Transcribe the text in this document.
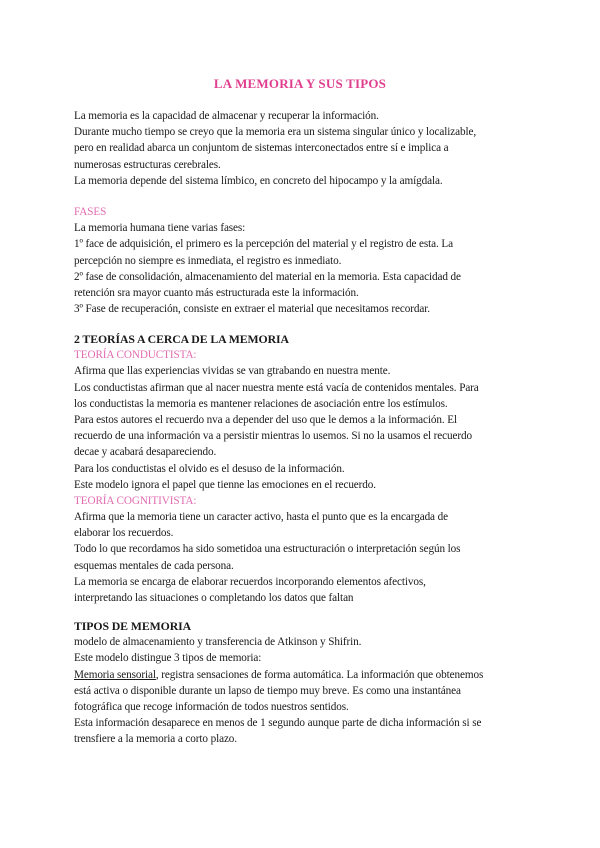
LA MEMORIA Y SUS TIPOS
La memoria es la capacidad de almacenar y recuperar la información.
Durante mucho tiempo se creyo que la memoria era un sistema singular único y localizable,
pero en realidad abarca un conjuntom de sistemas interconectados entre sí e implica a
numerosas estructuras cerebrales.
La memoria depende del sistema límbico, en concreto del hipocampo y la amígdala.
FASES
La memoria humana tiene varias fases:
1º face de adquisición, el primero es la percepción del material y el registro de esta. La
percepción no siempre es inmediata, el registro es inmediato.
2º fase de consolidación, almacenamiento del material en la memoria. Esta capacidad de
retención sra mayor cuanto más estructurada este la información.
3º Fase de recuperación, consiste en extraer el material que necesitamos recordar.
2 TEORÍAS A CERCA DE LA MEMORIA
TEORÍA CONDUCTISTA:
Afirma que llas experiencias vividas se van gtrabando en nuestra mente.
Los conductistas afirman que al nacer nuestra mente está vacía de contenidos mentales. Para
los conductistas la memoria es mantener relaciones de asociación entre los estímulos.
Para estos autores el recuerdo nva a depender del uso que le demos a la información. El
recuerdo de una información va a persistir mientras lo usemos. Si no la usamos el recuerdo
decae y acabará desapareciendo.
Para los conductistas el olvido es el desuso de la información.
Este modelo ignora el papel que tienne las emociones en el recuerdo.
TEORÍA COGNITIVISTA:
Afirma que la memoria tiene un caracter activo, hasta el punto que es la encargada de
elaborar los recuerdos.
Todo lo que recordamos ha sido sometidoa una estructuración o interpretación según los
esquemas mentales de cada persona.
La memoria se encarga de elaborar recuerdos incorporando elementos afectivos,
interpretando las situaciones o completando los datos que faltan
TIPOS DE MEMORIA
modelo de almacenamiento y transferencia de Atkinson y Shifrin.
Este modelo distingue 3 tipos de memoria:
Memoria sensorial, registra sensaciones de forma automática. La información que obtenemos
está activa o disponible durante un lapso de tiempo muy breve. Es como una instantánea
fotográfica que recoge información de todos nuestros sentidos.
Esta información desaparece en menos de 1 segundo aunque parte de dicha información si se
trensfiere a la memoria a corto plazo.
